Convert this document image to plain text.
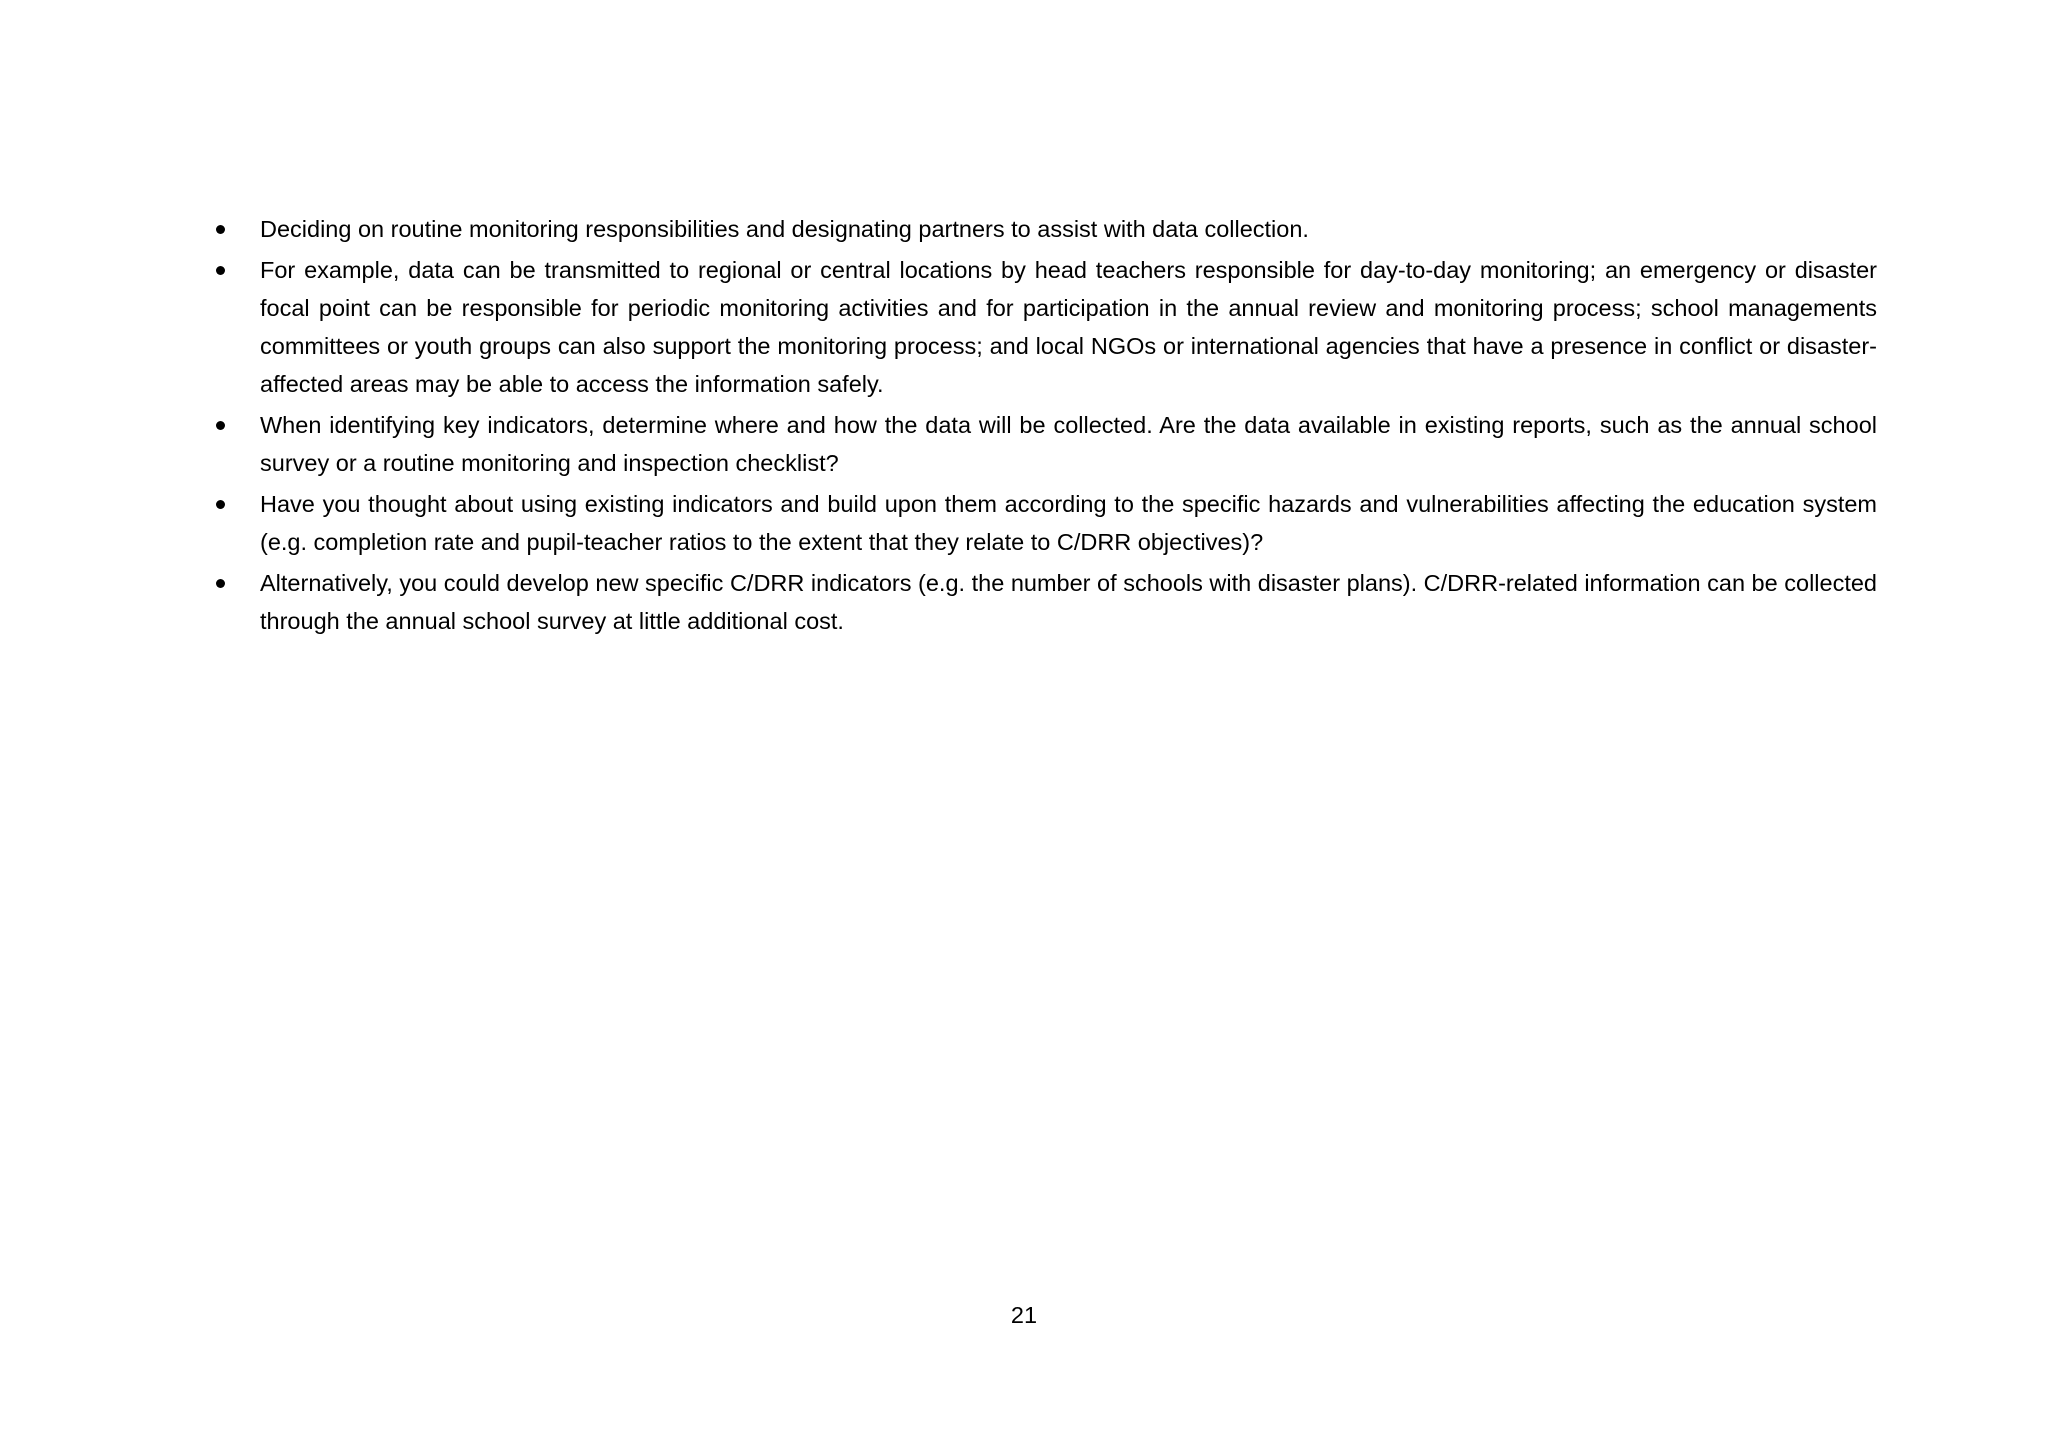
Deciding on routine monitoring responsibilities and designating partners to assist with data collection.
For example, data can be transmitted to regional or central locations by head teachers responsible for day-to-day monitoring; an emergency or disaster focal point can be responsible for periodic monitoring activities and for participation in the annual review and monitoring process; school managements committees or youth groups can also support the monitoring process; and local NGOs or international agencies that have a presence in conflict or disaster-affected areas may be able to access the information safely.
When identifying key indicators, determine where and how the data will be collected. Are the data available in existing reports, such as the annual school survey or a routine monitoring and inspection checklist?
Have you thought about using existing indicators and build upon them according to the specific hazards and vulnerabilities affecting the education system (e.g. completion rate and pupil-teacher ratios to the extent that they relate to C/DRR objectives)?
Alternatively, you could develop new specific C/DRR indicators (e.g. the number of schools with disaster plans). C/DRR-related information can be collected through the annual school survey at little additional cost.
21
